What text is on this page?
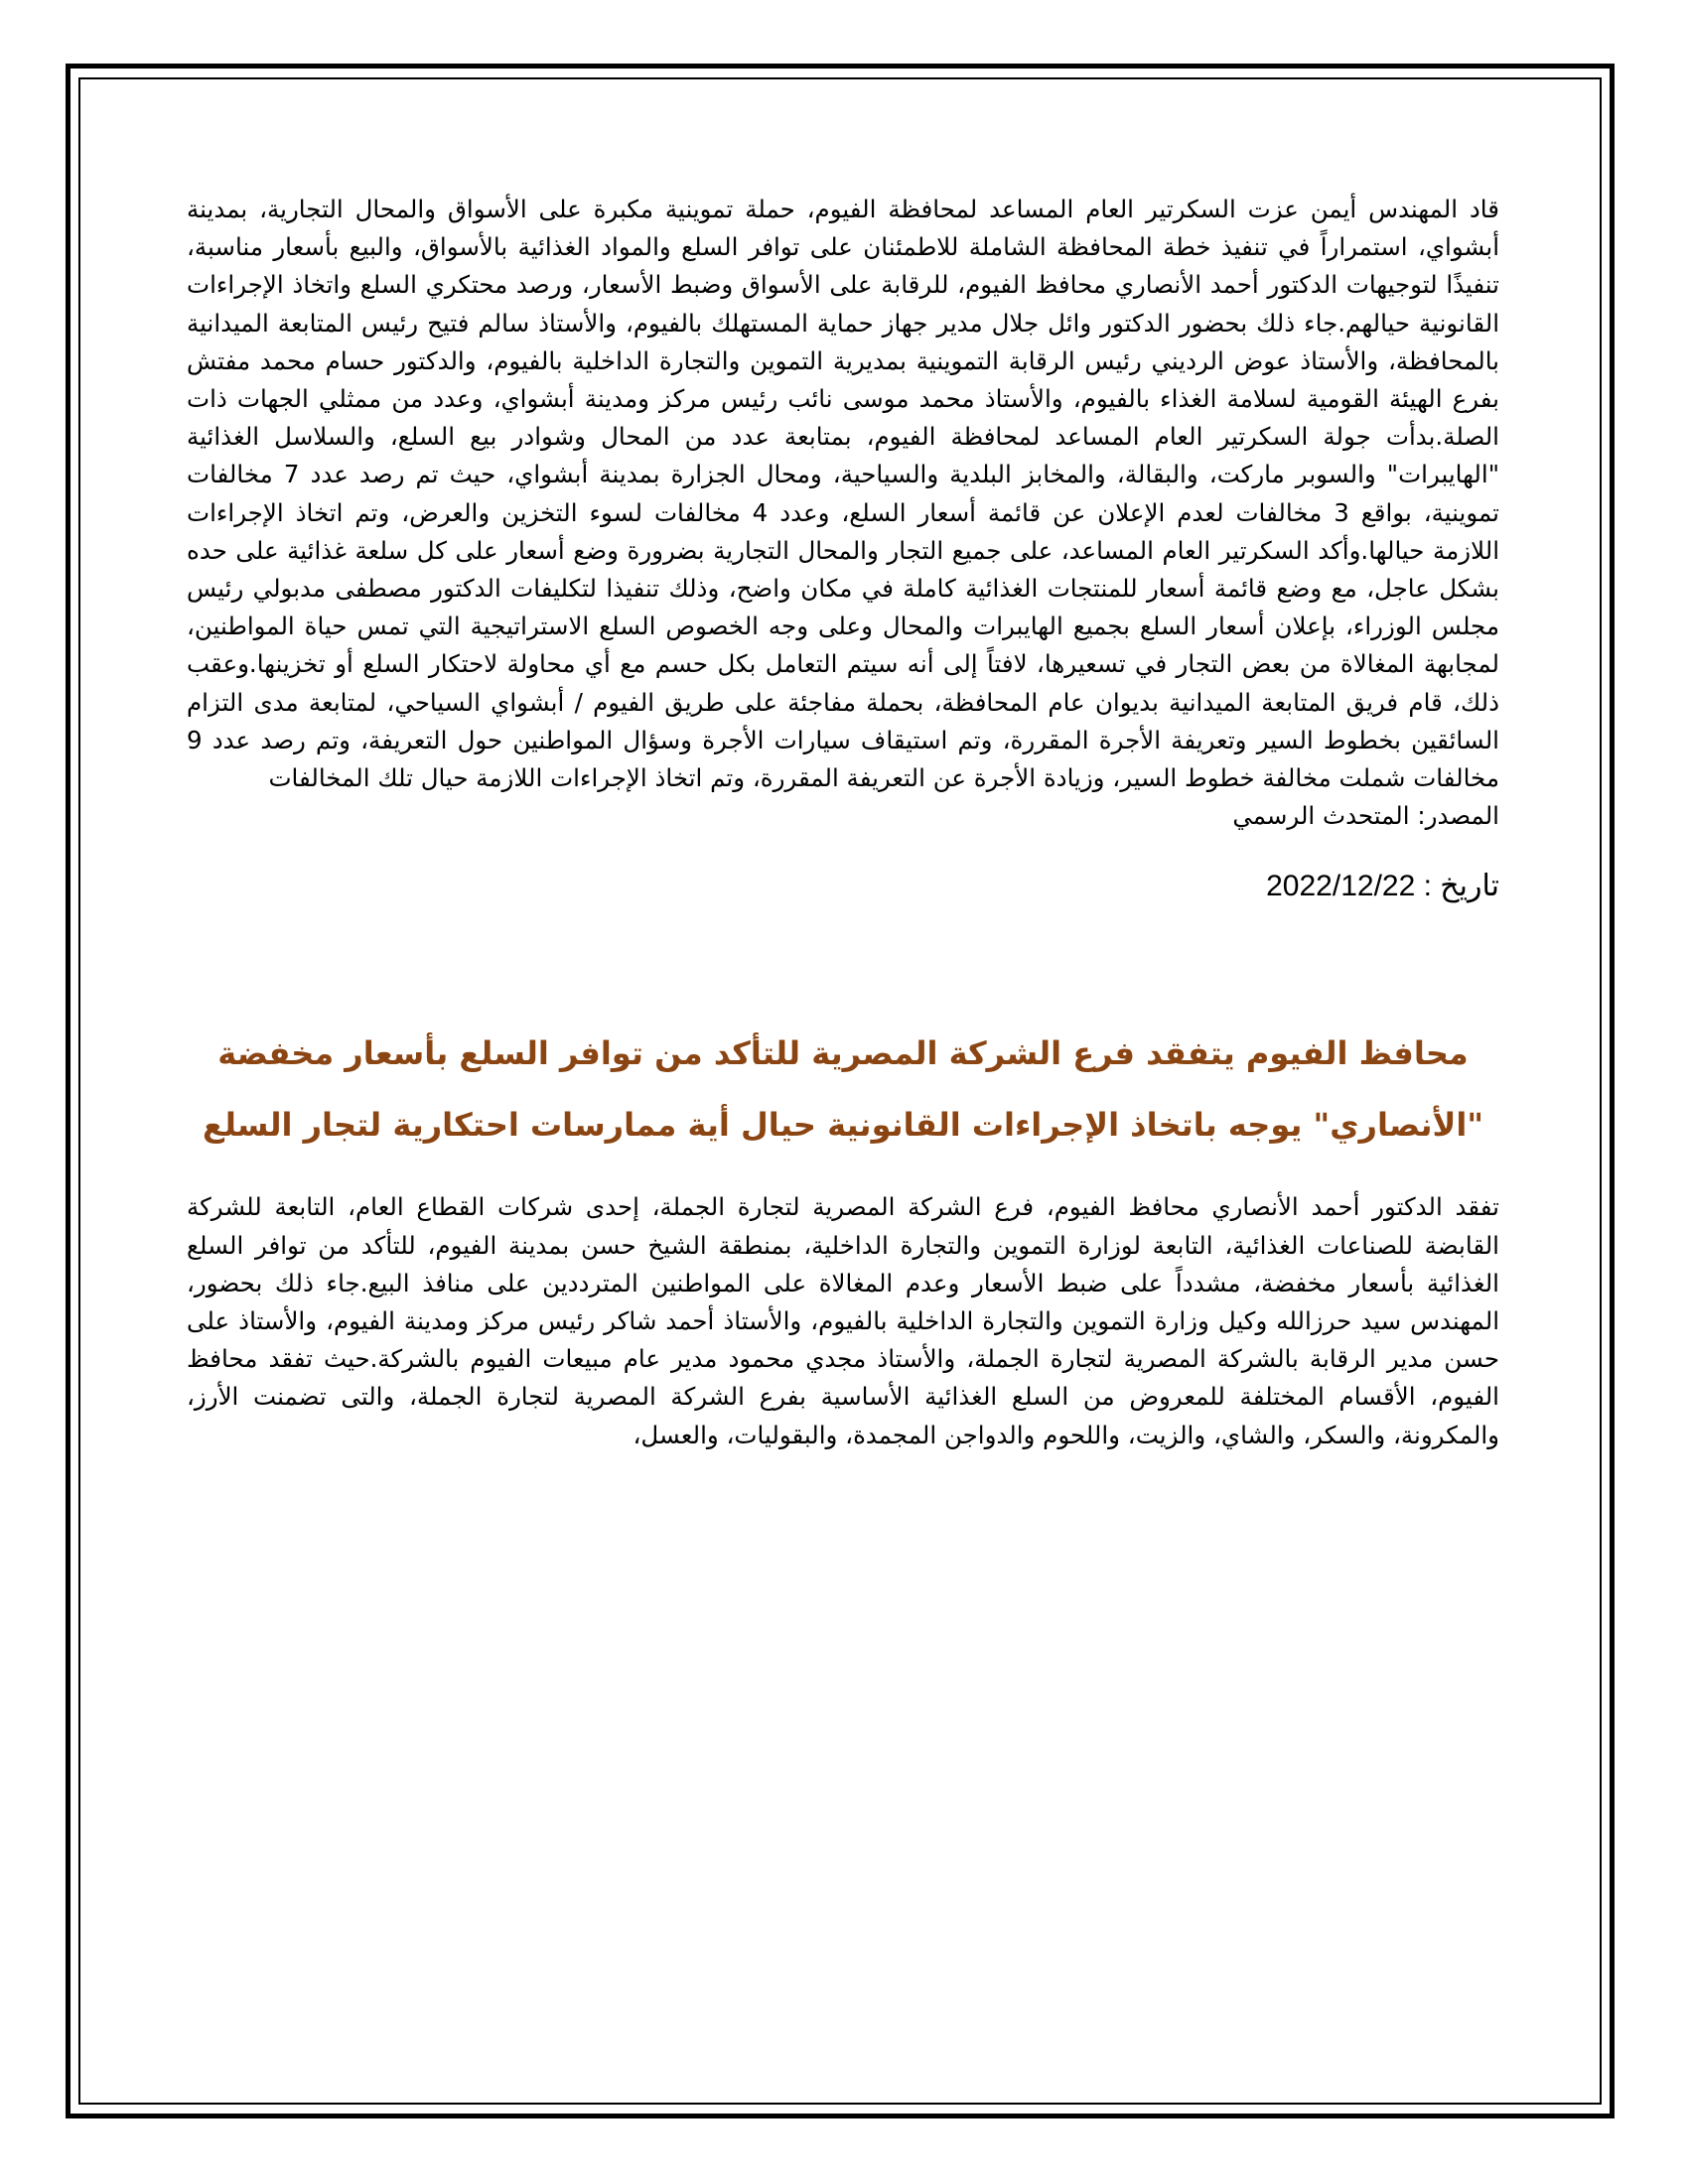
قاد المهندس أيمن عزت السكرتير العام المساعد لمحافظة الفيوم، حملة تموينية مكبرة على الأسواق والمحال التجارية، بمدينة أبشواي، استمراراً في تنفيذ خطة المحافظة الشاملة للاطمئنان على توافر السلع والمواد الغذائية بالأسواق، والبيع بأسعار مناسبة، تنفيذًا لتوجيهات الدكتور أحمد الأنصاري محافظ الفيوم، للرقابة على الأسواق وضبط الأسعار، ورصد محتكري السلع واتخاذ الإجراءات القانونية حيالهم.جاء ذلك بحضور الدكتور وائل جلال مدير جهاز حماية المستهلك بالفيوم، والأستاذ سالم فتيح رئيس المتابعة الميدانية بالمحافظة، والأستاذ عوض الرديني رئيس الرقابة التموينية بمديرية التموين والتجارة الداخلية بالفيوم، والدكتور حسام محمد مفتش بفرع الهيئة القومية لسلامة الغذاء بالفيوم، والأستاذ محمد موسى نائب رئيس مركز ومدينة أبشواي، وعدد من ممثلي الجهات ذات الصلة.بدأت جولة السكرتير العام المساعد لمحافظة الفيوم، بمتابعة عدد من المحال وشوادر بيع السلع، والسلاسل الغذائية "الهايبرات" والسوبر ماركت، والبقالة، والمخابز البلدية والسياحية، ومحال الجزارة بمدينة أبشواي، حيث تم رصد عدد 7 مخالفات تموينية، بواقع 3 مخالفات لعدم الإعلان عن قائمة أسعار السلع، وعدد 4 مخالفات لسوء التخزين والعرض، وتم اتخاذ الإجراءات اللازمة حيالها.وأكد السكرتير العام المساعد، على جميع التجار والمحال التجارية بضرورة وضع أسعار على كل سلعة غذائية على حده بشكل عاجل، مع وضع قائمة أسعار للمنتجات الغذائية كاملة في مكان واضح، وذلك تنفيذا لتكليفات الدكتور مصطفى مدبولي رئيس مجلس الوزراء، بإعلان أسعار السلع بجميع الهايبرات والمحال وعلى وجه الخصوص السلع الاستراتيجية التي تمس حياة المواطنين، لمجابهة المغالاة من بعض التجار في تسعيرها، لافتاً إلى أنه سيتم التعامل بكل حسم مع أي محاولة لاحتكار السلع أو تخزينها.وعقب ذلك، قام فريق المتابعة الميدانية بديوان عام المحافظة، بحملة مفاجئة على طريق الفيوم / أبشواي السياحي، لمتابعة مدى التزام السائقين بخطوط السير وتعريفة الأجرة المقررة، وتم استيقاف سيارات الأجرة وسؤال المواطنين حول التعريفة، وتم رصد عدد 9 مخالفات شملت مخالفة خطوط السير، وزيادة الأجرة عن التعريفة المقررة، وتم اتخاذ الإجراءات اللازمة حيال تلك المخالفات

المصدر: المتحدث الرسمي

تاريخ : 2022/12/22

محافظ الفيوم يتفقد فرع الشركة المصرية للتأكد من توافر السلع بأسعار مخفضة
"الأنصاري" يوجه باتخاذ الإجراءات القانونية حيال أية ممارسات احتكارية لتجار السلع

تفقد الدكتور أحمد الأنصاري محافظ الفيوم، فرع الشركة المصرية لتجارة الجملة، إحدى شركات القطاع العام، التابعة للشركة القابضة للصناعات الغذائية، التابعة لوزارة التموين والتجارة الداخلية، بمنطقة الشيخ حسن بمدينة الفيوم، للتأكد من توافر السلع الغذائية بأسعار مخفضة، مشدداً على ضبط الأسعار وعدم المغالاة على المواطنين المترددين على منافذ البيع.جاء ذلك بحضور، المهندس سيد حرزالله وكيل وزارة التموين والتجارة الداخلية بالفيوم، والأستاذ أحمد شاكر رئيس مركز ومدينة الفيوم، والأستاذ على حسن مدير الرقابة بالشركة المصرية لتجارة الجملة، والأستاذ مجدي محمود مدير عام مبيعات الفيوم بالشركة.حيث تفقد محافظ الفيوم، الأقسام المختلفة للمعروض من السلع الغذائية الأساسية بفرع الشركة المصرية لتجارة الجملة، والتى تضمنت الأرز، والمكرونة، والسكر، والشاي، والزيت، واللحوم والدواجن المجمدة، والبقوليات، والعسل،
